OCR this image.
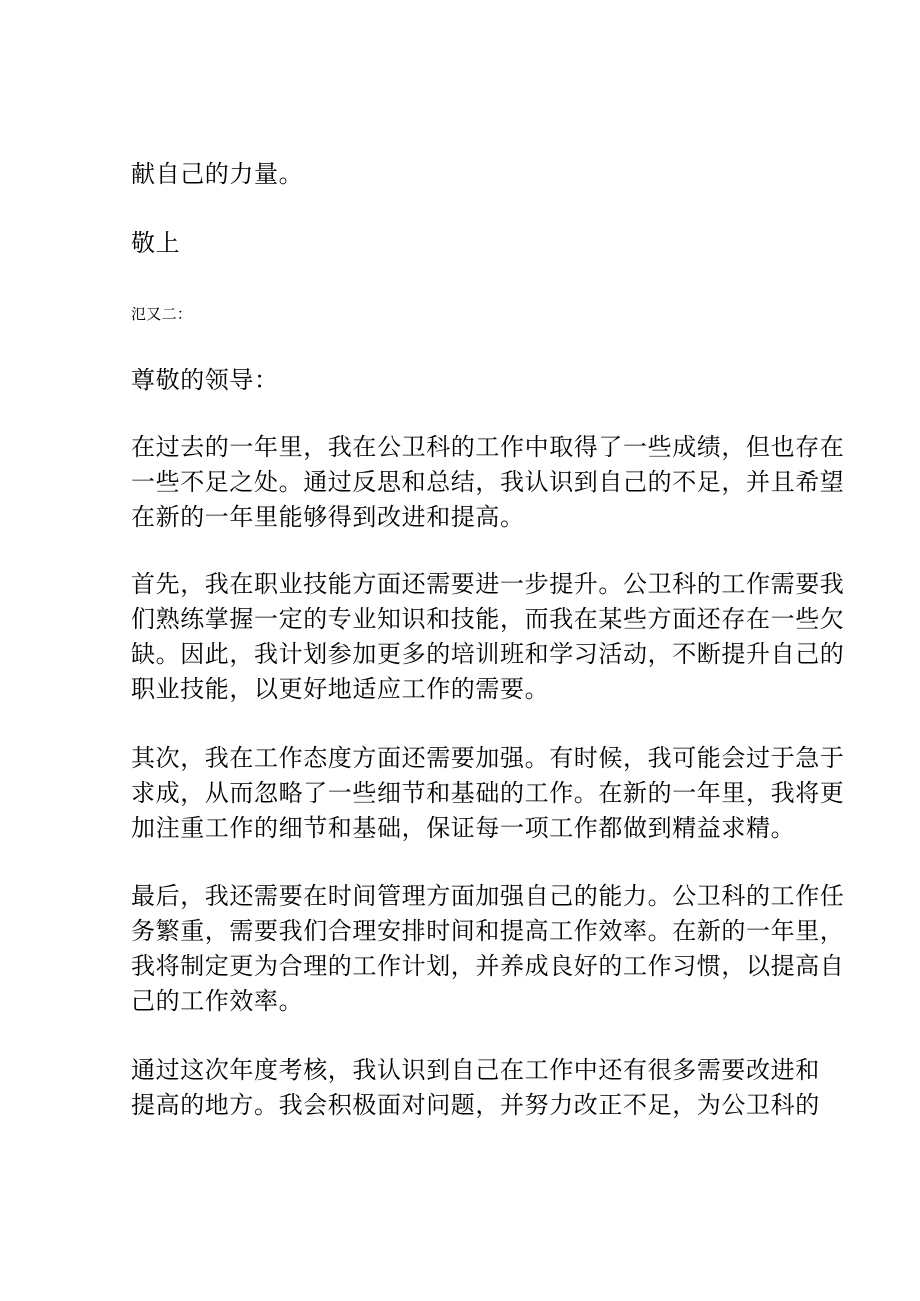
献自己的力量。

敬上

氾又二：

尊敬的领导：

在过去的一年里，我在公卫科的工作中取得了一些成绩，但也存在

一些不足之处。通过反思和总结，我认识到自己的不足，并且希望

在新的一年里能够得到改进和提高。

首先，我在职业技能方面还需要进一步提升。公卫科的工作需要我

们熟练掌握一定的专业知识和技能，而我在某些方面还存在一些欠

缺。因此，我计划参加更多的培训班和学习活动，不断提升自己的

职业技能，以更好地适应工作的需要。

其次，我在工作态度方面还需要加强。有时候，我可能会过于急于

求成，从而忽略了一些细节和基础的工作。在新的一年里，我将更

加注重工作的细节和基础，保证每一项工作都做到精益求精。

最后，我还需要在时间管理方面加强自己的能力。公卫科的工作任

务繁重，需要我们合理安排时间和提高工作效率。在新的一年里，

我将制定更为合理的工作计划，并养成良好的工作习惯，以提高自

己的工作效率。

通过这次年度考核，我认识到自己在工作中还有很多需要改进和

提高的地方。我会积极面对问题，并努力改正不足，为公卫科的
